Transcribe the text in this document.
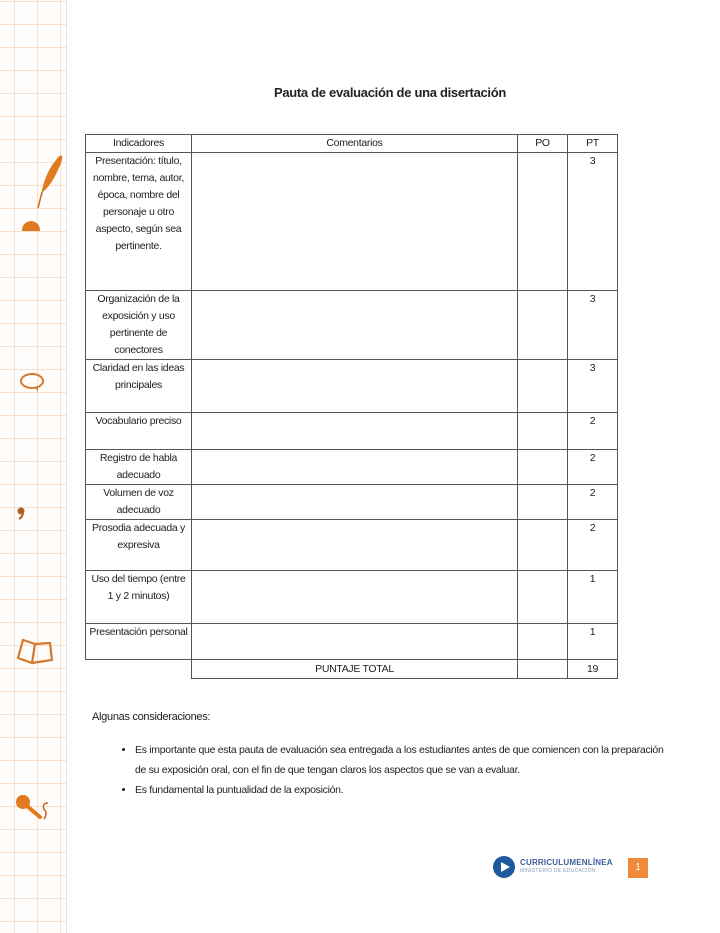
Pauta de evaluación de una disertación
Indicadores	Comentarios	PO	PT
Presentación: título, nombre, tema, autor, época, nombre del personaje u otro aspecto, según sea pertinente.			3
Organización de la exposición y uso pertinente de conectores			3
Claridad en las ideas principales			3
Vocabulario preciso			2
Registro de habla adecuado			2
Volumen de voz adecuado			2
Prosodia adecuada y expresiva			2
Uso del tiempo (entre 1 y 2 minutos)			1
Presentación personal			1
	PUNTAJE TOTAL		19
Algunas consideraciones:
• Es importante que esta pauta de evaluación sea entregada a los estudiantes antes de que comiencen con la preparación de su exposición oral, con el fin de que tengan claros los aspectos que se van a evaluar.
• Es fundamental la puntualidad de la exposición.
CURRICULUMENLÍNEA
MINISTERIO DE EDUCACIÓN	1
